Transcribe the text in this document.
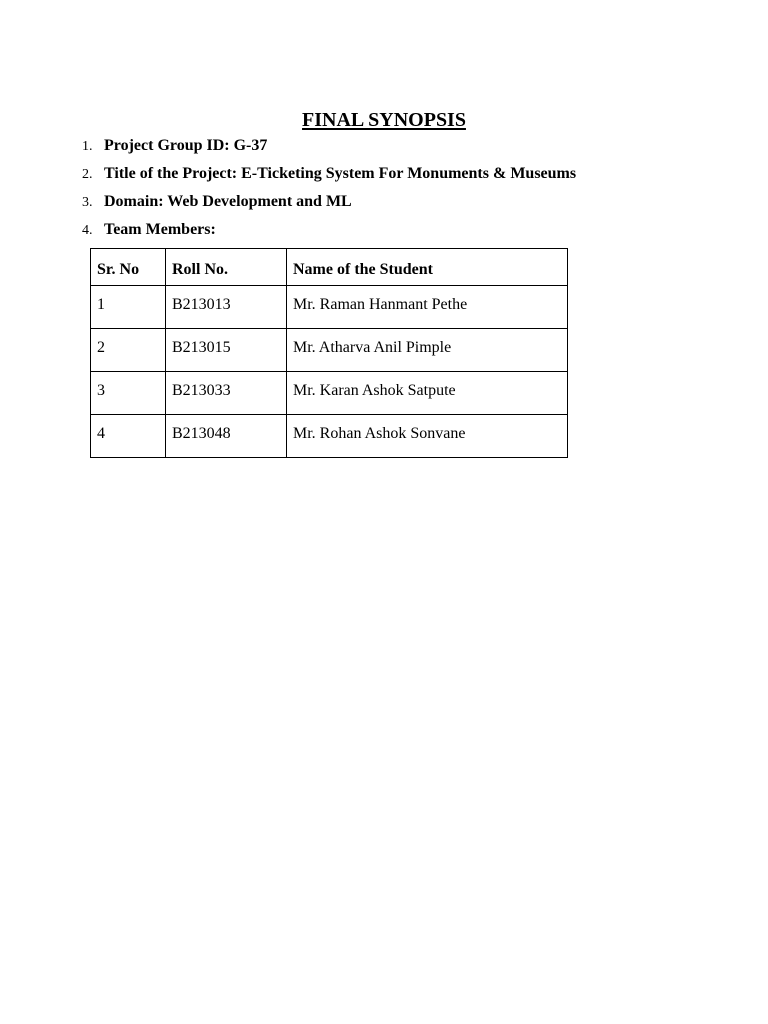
FINAL SYNOPSIS
1. Project Group ID: G-37
2. Title of the Project: E-Ticketing System For Monuments & Museums
3. Domain: Web Development and ML
4. Team Members:
Sr. No	Roll No.	Name of the Student
1	B213013	Mr. Raman Hanmant Pethe
2	B213015	Mr. Atharva Anil Pimple
3	B213033	Mr. Karan Ashok Satpute
4	B213048	Mr. Rohan Ashok Sonvane
